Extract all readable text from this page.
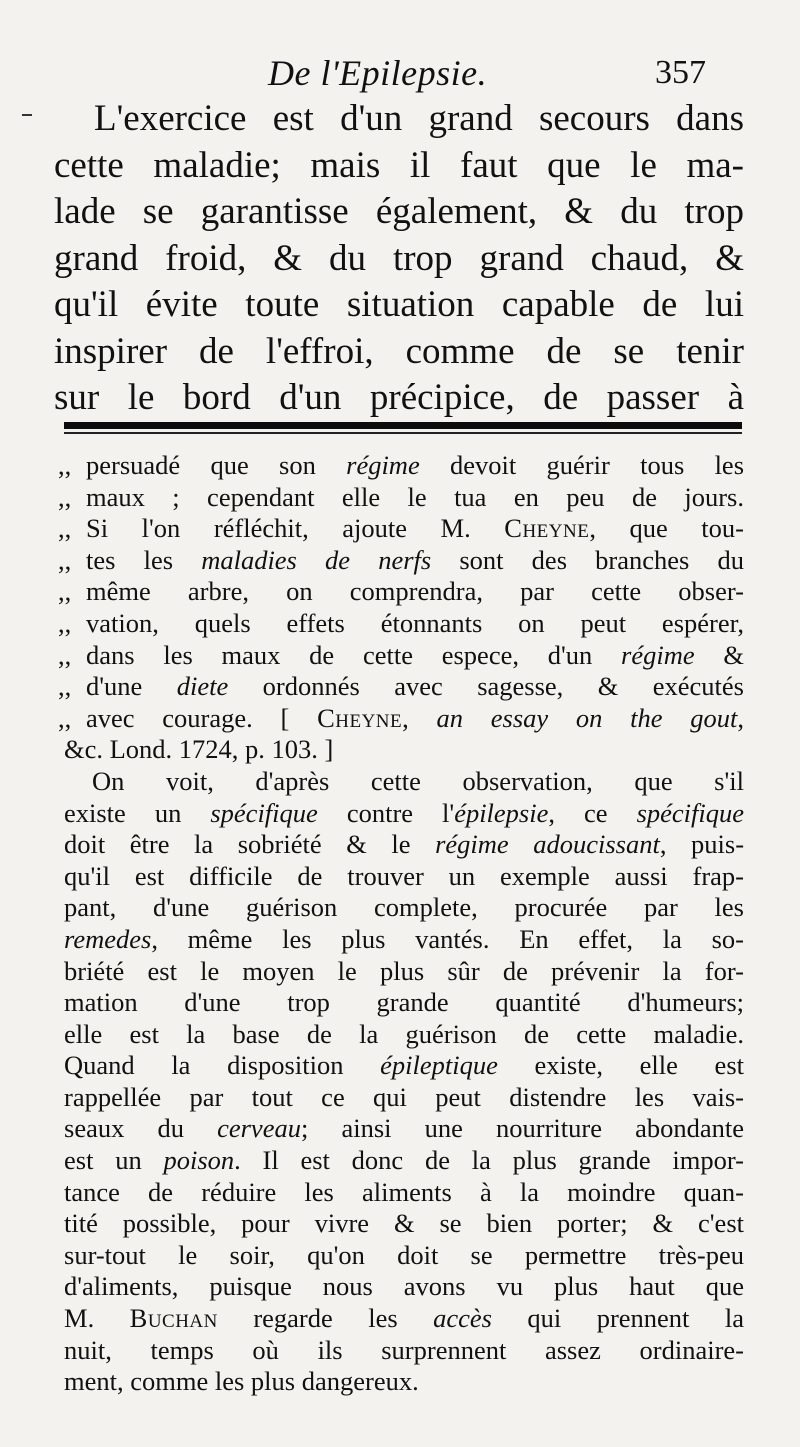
De l'Epilepsie.	357
L'exercice est d'un grand secours dans
cette maladie; mais il faut que le ma-
lade se garantisse également, & du trop
grand froid, & du trop grand chaud, &
qu'il évite toute situation capable de lui
inspirer de l'effroi, comme de se tenir
sur le bord d'un précipice, de passer à
,, persuadé que son régime devoit guérir tous les
,, maux ; cependant elle le tua en peu de jours.
,, Si l'on réfléchit, ajoute M. Cheyne, que tou-
,, tes les maladies de nerfs sont des branches du
,, même arbre, on comprendra, par cette obser-
,, vation, quels effets étonnants on peut espérer,
,, dans les maux de cette espece, d'un régime &
,, d'une diete ordonnés avec sagesse, & exécutés
,, avec courage. [ Cheyne, an essay on the gout,
&c. Lond. 1724, p. 103. ]
On voit, d'après cette observation, que s'il
existe un spécifique contre l'épilepsie, ce spécifique
doit être la sobriété & le régime adoucissant, puis-
qu'il est difficile de trouver un exemple aussi frap-
pant, d'une guérison complete, procurée par les
remedes, même les plus vantés. En effet, la so-
briété est le moyen le plus sûr de prévenir la for-
mation d'une trop grande quantité d'humeurs;
elle est la base de la guérison de cette maladie.
Quand la disposition épileptique existe, elle est
rappellée par tout ce qui peut distendre les vais-
seaux du cerveau; ainsi une nourriture abondante
est un poison. Il est donc de la plus grande impor-
tance de réduire les aliments à la moindre quan-
tité possible, pour vivre & se bien porter; & c'est
sur-tout le soir, qu'on doit se permettre très-peu
d'aliments, puisque nous avons vu plus haut que
M. Buchan regarde les accès qui prennent la
nuit, temps où ils surprennent assez ordinaire-
ment, comme les plus dangereux.
